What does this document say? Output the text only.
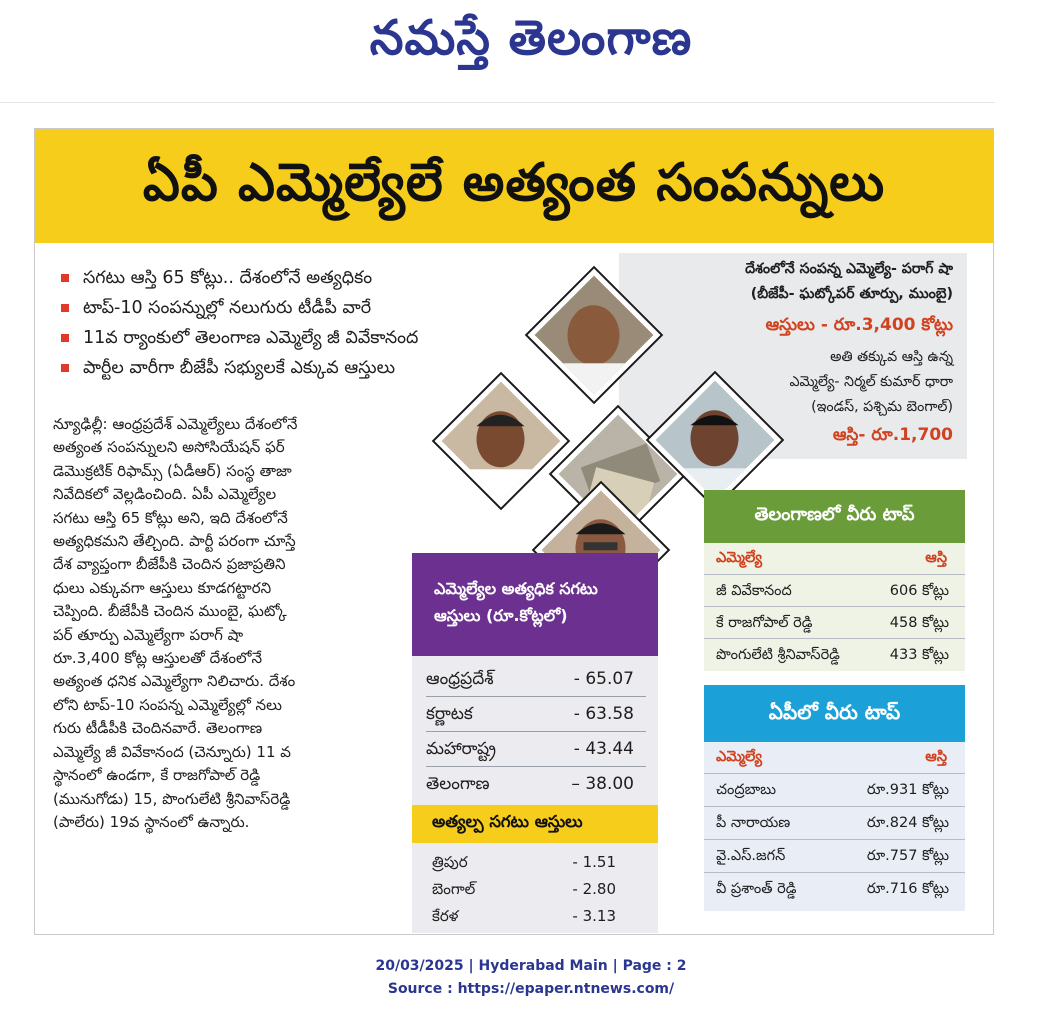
నమస్తే తెలంగాణ
ఏపీ ఎమ్మెల్యేలే అత్యంత సంపన్నులు
సగటు ఆస్తి 65 కోట్లు.. దేశంలోనే అత్యధికం
టాప్-10 సంపన్నుల్లో నలుగురు టీడీపీ వారే
11వ ర్యాంకులో తెలంగాణ ఎమ్మెల్యే జీ వివేకానంద
పార్టీల వారీగా బీజేపీ సభ్యులకే ఎక్కువ ఆస్తులు
న్యూఢిల్లీ: ఆంధ్రప్రదేశ్ ఎమ్మెల్యేలు దేశంలోనే
అత్యంత సంపన్నులని అసోసియేషన్ ఫర్
డెమొక్రటిక్ రిఫామ్స్ (ఏడీఆర్) సంస్థ తాజా
నివేదికలో వెల్లడించింది. ఏపీ ఎమ్మెల్యేల
సగటు ఆస్తి 65 కోట్లు అని, ఇది దేశంలోనే
అత్యధికమని తేల్చింది. పార్టీ పరంగా చూస్తే
దేశ వ్యాప్తంగా బీజేపీకి చెందిన ప్రజాప్రతిని
ధులు ఎక్కువగా ఆస్తులు కూడగట్టారని
చెప్పింది. బీజేపీకి చెందిన ముంబై, ఘట్కో
పర్ తూర్పు ఎమ్మెల్యేగా పరాగ్ షా
రూ.3,400 కోట్ల ఆస్తులతో దేశంలోనే
అత్యంత ధనిక ఎమ్మెల్యేగా నిలిచారు. దేశం
లోని టాప్-10 సంపన్న ఎమ్మెల్యేల్లో నలు
గురు టీడీపీకి చెందినవారే. తెలంగాణ
ఎమ్మెల్యే జీ వివేకానంద (చెన్నూరు) 11 వ
స్థానంలో ఉండగా, కే రాజగోపాల్ రెడ్డి
(మునుగోడు) 15, పొంగులేటి శ్రీనివాస్‌రెడ్డి
(పాలేరు) 19వ స్థానంలో ఉన్నారు.
దేశంలోనే సంపన్న ఎమ్మెల్యే- పరాగ్ షా
(బీజేపీ- ఘట్కోపర్ తూర్పు, ముంబై)
ఆస్తులు - రూ.3,400 కోట్లు
అతి తక్కువ ఆస్తి ఉన్న
ఎమ్మెల్యే- నిర్మల్ కుమార్ ధారా
(ఇండస్, పశ్చిమ బెంగాల్)
ఆస్తి- రూ.1,700
ఎమ్మెల్యేల అత్యధిక సగటు ఆస్తులు (రూ.కోట్లలో)
ఆంధ్రప్రదేశ్	- 65.07
కర్ణాటక	- 63.58
మహారాష్ట్ర	- 43.44
తెలంగాణ	– 38.00
అత్యల్ప సగటు ఆస్తులు
త్రిపుర	- 1.51
బెంగాల్	- 2.80
కేరళ	- 3.13
తెలంగాణలో వీరు టాప్
ఎమ్మెల్యే	ఆస్తి
జీ వివేకానంద	606 కోట్లు
కే రాజగోపాల్ రెడ్డి	458 కోట్లు
పొంగులేటి శ్రీనివాస్‌రెడ్డి	433 కోట్లు
ఏపీలో వీరు టాప్
ఎమ్మెల్యే	ఆస్తి
చంద్రబాబు	రూ.931 కోట్లు
పీ నారాయణ	రూ.824 కోట్లు
వై.ఎస్.జగన్	రూ.757 కోట్లు
వీ ప్రశాంత్ రెడ్డి	రూ.716 కోట్లు
20/03/2025 | Hyderabad Main | Page : 2
Source : https://epaper.ntnews.com/
